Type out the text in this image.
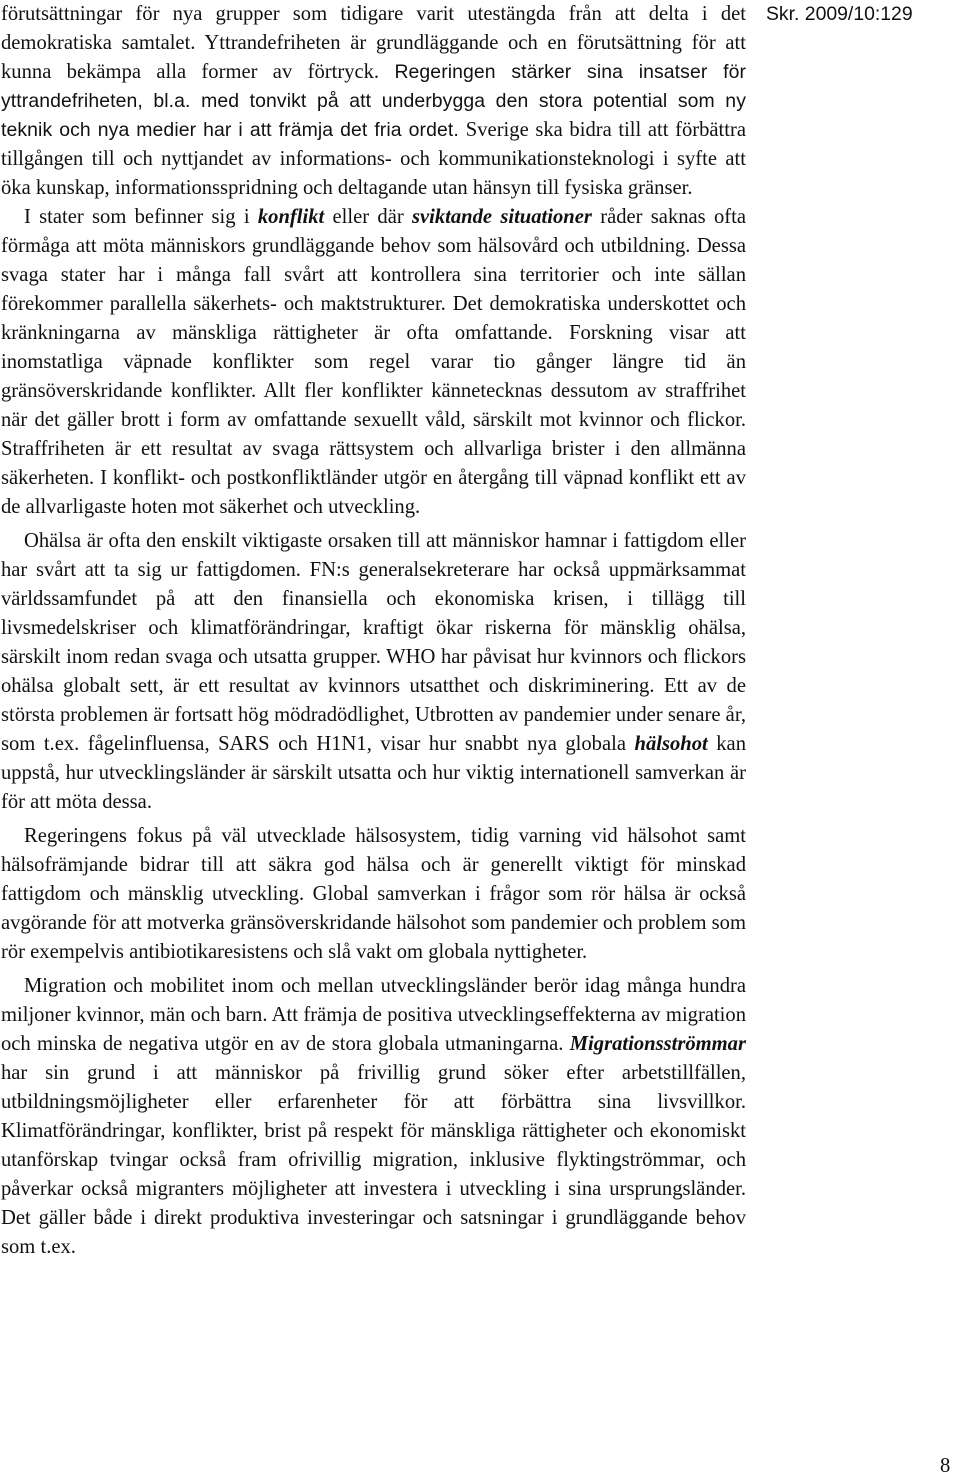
förutsättningar för nya grupper som tidigare varit utestängda från att delta i det demokratiska samtalet. Yttrandefriheten är grundläggande och en förutsättning för att kunna bekämpa alla former av förtryck. Regeringen stärker sina insatser för yttrandefriheten, bl.a. med tonvikt på att underbygga den stora potential som ny teknik och nya medier har i att främja det fria ordet. Sverige ska bidra till att förbättra tillgången till och nyttjandet av informations- och kommunikationsteknologi i syfte att öka kunskap, informationsspridning och deltagande utan hänsyn till fysiska gränser.

I stater som befinner sig i konflikt eller där sviktande situationer råder saknas ofta förmåga att möta människors grundläggande behov som hälsovård och utbildning. Dessa svaga stater har i många fall svårt att kontrollera sina territorier och inte sällan förekommer parallella säkerhets- och maktstrukturer. Det demokratiska underskottet och kränkningarna av mänskliga rättigheter är ofta omfattande. Forskning visar att inomstatliga väpnade konflikter som regel varar tio gånger längre tid än gränsöverskridande konflikter. Allt fler konflikter kännetecknas dessutom av straffrihet när det gäller brott i form av omfattande sexuellt våld, särskilt mot kvinnor och flickor. Straffriheten är ett resultat av svaga rättsystem och allvarliga brister i den allmänna säkerheten. I konflikt- och postkonfliktländer utgör en återgång till väpnad konflikt ett av de allvarligaste hoten mot säkerhet och utveckling.

Ohälsa är ofta den enskilt viktigaste orsaken till att människor hamnar i fattigdom eller har svårt att ta sig ur fattigdomen. FN:s generalsekreterare har också uppmärksammat världssamfundet på att den finansiella och ekonomiska krisen, i tillägg till livsmedelskriser och klimatförändringar, kraftigt ökar riskerna för mänsklig ohälsa, särskilt inom redan svaga och utsatta grupper. WHO har påvisat hur kvinnors och flickors ohälsa globalt sett, är ett resultat av kvinnors utsatthet och diskriminering. Ett av de största problemen är fortsatt hög mödradödlighet, Utbrotten av pandemier under senare år, som t.ex. fågelinfluensa, SARS och H1N1, visar hur snabbt nya globala hälsohot kan uppstå, hur utvecklingsländer är särskilt utsatta och hur viktig internationell samverkan är för att möta dessa.

Regeringens fokus på väl utvecklade hälsosystem, tidig varning vid hälsohot samt hälsofrämjande bidrar till att säkra god hälsa och är generellt viktigt för minskad fattigdom och mänsklig utveckling. Global samverkan i frågor som rör hälsa är också avgörande för att motverka gränsöverskridande hälsohot som pandemier och problem som rör exempelvis antibiotikaresistens och slå vakt om globala nyttigheter.

Migration och mobilitet inom och mellan utvecklingsländer berör idag många hundra miljoner kvinnor, män och barn. Att främja de positiva utvecklingseffekterna av migration och minska de negativa utgör en av de stora globala utmaningarna. Migrationsströmmar har sin grund i att människor på frivillig grund söker efter arbetstillfällen, utbildningsmöjligheter eller erfarenheter för att förbättra sina livsvillkor. Klimatförändringar, konflikter, brist på respekt för mänskliga rättigheter och ekonomiskt utanförskap tvingar också fram ofrivillig migration, inklusive flyktingströmmar, och påverkar också migranters möjligheter att investera i utveckling i sina ursprungsländer. Det gäller både i direkt produktiva investeringar och satsningar i grundläggande behov som t.ex.

Skr. 2009/10:129
8
